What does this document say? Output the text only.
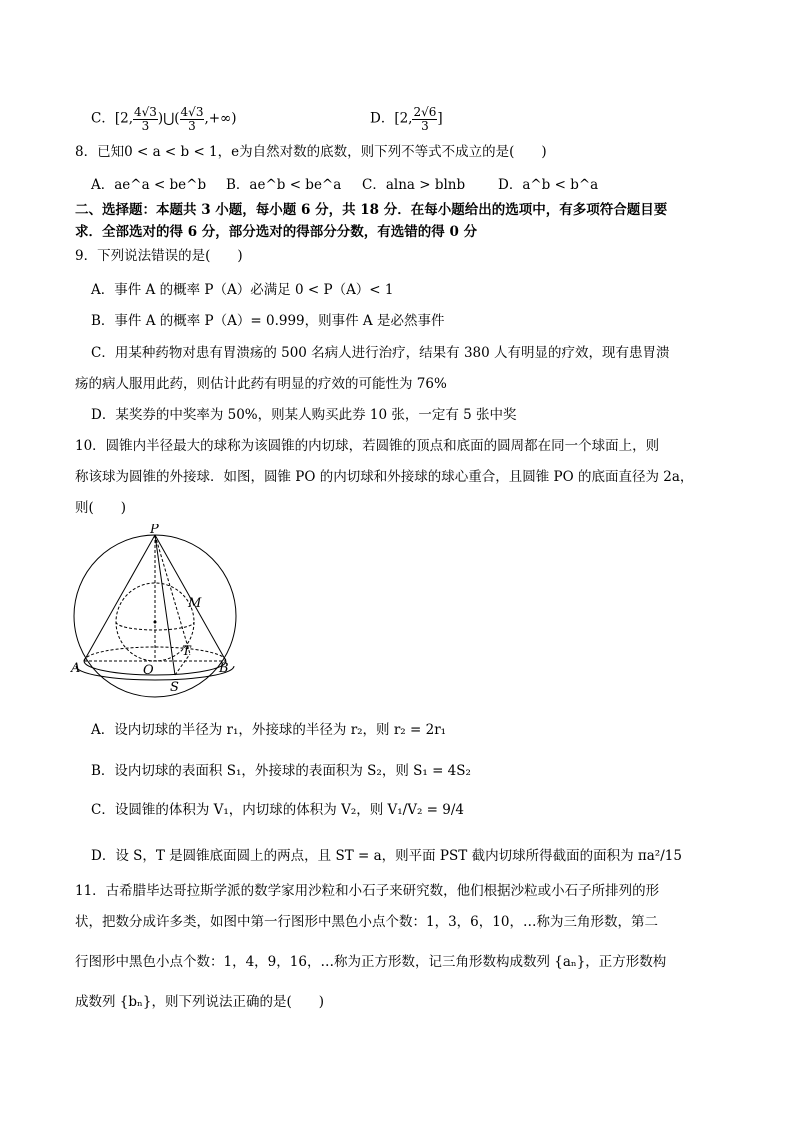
C．[2, $\frac{4√3}{3}$ )⋃( $\frac{4√3}{3}$ ,+∞)	D．[2, $\frac{2√6}{3}$ ]
8．已知0 < a < b < 1，e为自然对数的底数，则下列不等式不成立的是(　　)
A．ae^a < be^b B．ae^b < be^a C．alna > blnb D．a^b < b^a
二、选择题：本题共 3 小题，每小题 6 分，共 18 分．在每小题给出的选项中，有多项符合题目要
求．全部选对的得 6 分，部分选对的得部分分数，有选错的得 0 分
9．下列说法错误的是(　　)
A．事件 A 的概率 P（A）必满足 0 < P（A）< 1
B．事件 A 的概率 P（A）= 0.999，则事件 A 是必然事件
C．用某种药物对患有胃溃疡的 500 名病人进行治疗，结果有 380 人有明显的疗效，现有患胃溃
疡的病人服用此药，则估计此药有明显的疗效的可能性为 76%
D．某奖券的中奖率为 50%，则某人购买此券 10 张，一定有 5 张中奖
10．圆锥内半径最大的球称为该圆锥的内切球，若圆锥的顶点和底面的圆周都在同一个球面上，则
称该球为圆锥的外接球．如图，圆锥 PO 的内切球和外接球的球心重合，且圆锥 PO 的底面直径为 2a，
则(　　)
P
M
T
A	O	B
S
A．设内切球的半径为 r₁，外接球的半径为 r₂，则 r₂ = 2r₁
B．设内切球的表面积 S₁，外接球的表面积为 S₂，则 S₁ = 4S₂
C．设圆锥的体积为 V₁，内切球的体积为 V₂，则 V₁/V₂ = 9/4
D．设 S，T 是圆锥底面圆上的两点，且 ST = a，则平面 PST 截内切球所得截面的面积为 πa²/15
11．古希腊毕达哥拉斯学派的数学家用沙粒和小石子来研究数，他们根据沙粒或小石子所排列的形
状，把数分成许多类，如图中第一行图形中黑色小点个数：1，3，6，10，…称为三角形数，第二
行图形中黑色小点个数：1，4，9，16，…称为正方形数，记三角形数构成数列 {aₙ}，正方形数构
成数列 {bₙ}，则下列说法正确的是(　　)
